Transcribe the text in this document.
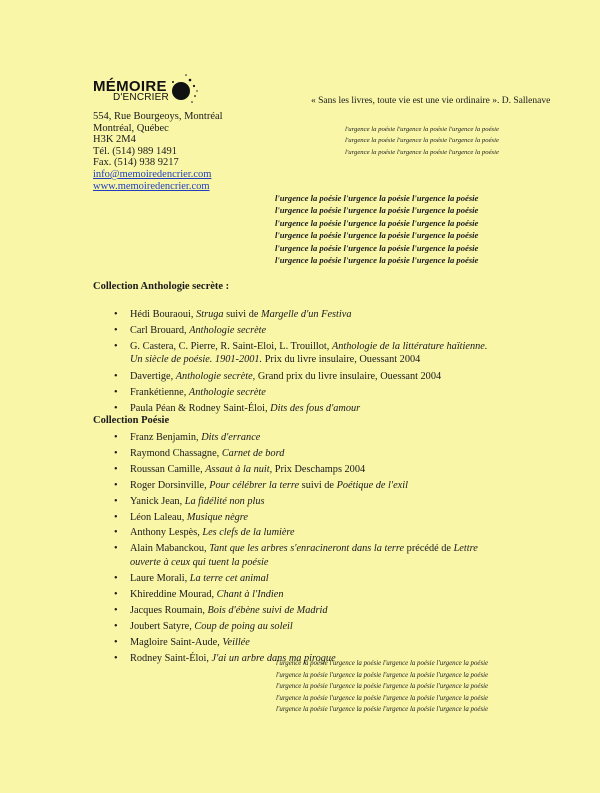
MÉMOIRE
D'ENCRIER
554, Rue Bourgeoys, Montréal
Montréal, Québec
H3K 2M4
Tél. (514) 989 1491
Fax. (514) 938 9217
info@memoiredencrier.com
www.memoiredencrier.com
« Sans les livres, toute vie est une vie ordinaire ». D. Sallenave
l'urgence la poésie l'urgence la poésie l'urgence la poésie
l'urgence la poésie l'urgence la poésie l'urgence la poésie
l'urgence la poésie l'urgence la poésie l'urgence la poésie
l'urgence la poésie l'urgence la poésie l'urgence la poésie
l'urgence la poésie l'urgence la poésie l'urgence la poésie
l'urgence la poésie l'urgence la poésie l'urgence la poésie
l'urgence la poésie l'urgence la poésie l'urgence la poésie
l'urgence la poésie l'urgence la poésie l'urgence la poésie
l'urgence la poésie l'urgence la poésie l'urgence la poésie
Collection Anthologie secrète :
• Hédi Bouraoui, Struga suivi de Margelle d'un Festiva
• Carl Brouard, Anthologie secrète
• G. Castera, C. Pierre, R. Saint-Eloi, L. Trouillot, Anthologie de la littérature haïtienne.
Un siècle de poésie. 1901-2001. Prix du livre insulaire, Ouessant 2004
• Davertige, Anthologie secrète, Grand prix du livre insulaire, Ouessant 2004
• Frankétienne, Anthologie secrète
• Paula Péan & Rodney Saint-Éloi, Dits des fous d'amour
Collection Poésie
• Franz Benjamin, Dits d'errance
• Raymond Chassagne, Carnet de bord
• Roussan Camille, Assaut à la nuit, Prix Deschamps 2004
• Roger Dorsinville, Pour célébrer la terre suivi de Poétique de l'exil
• Yanick Jean, La fidélité non plus
• Léon Laleau, Musique nègre
• Anthony Lespès, Les clefs de la lumière
• Alain Mabanckou, Tant que les arbres s'enracineront dans la terre précédé de Lettre
ouverte à ceux qui tuent la poésie
• Laure Morali, La terre cet animal
• Khireddine Mourad, Chant à l'Indien
• Jacques Roumain, Bois d'ébène suivi de Madrid
• Joubert Satyre, Coup de poing au soleil
• Magloire Saint-Aude, Veillée
• Rodney Saint-Éloi, J'ai un arbre dans ma pirogue
l'urgence la poésie l'urgence la poésie l'urgence la poésie l'urgence la poésie
l'urgence la poésie l'urgence la poésie l'urgence la poésie l'urgence la poésie
l'urgence la poésie l'urgence la poésie l'urgence la poésie l'urgence la poésie
l'urgence la poésie l'urgence la poésie l'urgence la poésie l'urgence la poésie
l'urgence la poésie l'urgence la poésie l'urgence la poésie l'urgence la poésie
